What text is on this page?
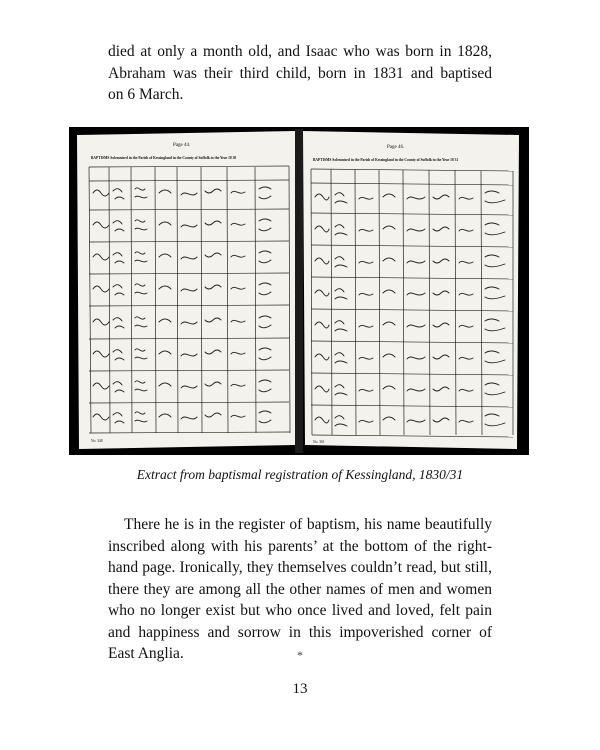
died at only a month old, and Isaac who was born in 1828,
Abraham was their third child, born in 1831 and baptised
on 6 March.

Page 44.
BAPTISMS Solemnized in the Parish of Kessingland in the County of Suffolk in the Year 18 30
No. 348
Page 46.
BAPTISMS Solemnized in the Parish of Kessingland in the County of Suffolk in the Year 18 31
No. 361
Extract from baptismal registration of Kessingland, 1830/31

There he is in the register of baptism, his name beautifully
inscribed along with his parents’ at the bottom of the right-
hand page. Ironically, they themselves couldn’t read, but still,
there they are among all the other names of men and women
who no longer exist but who once lived and loved, felt pain
and happiness and sorrow in this impoverished corner of
East Anglia.	*
13
